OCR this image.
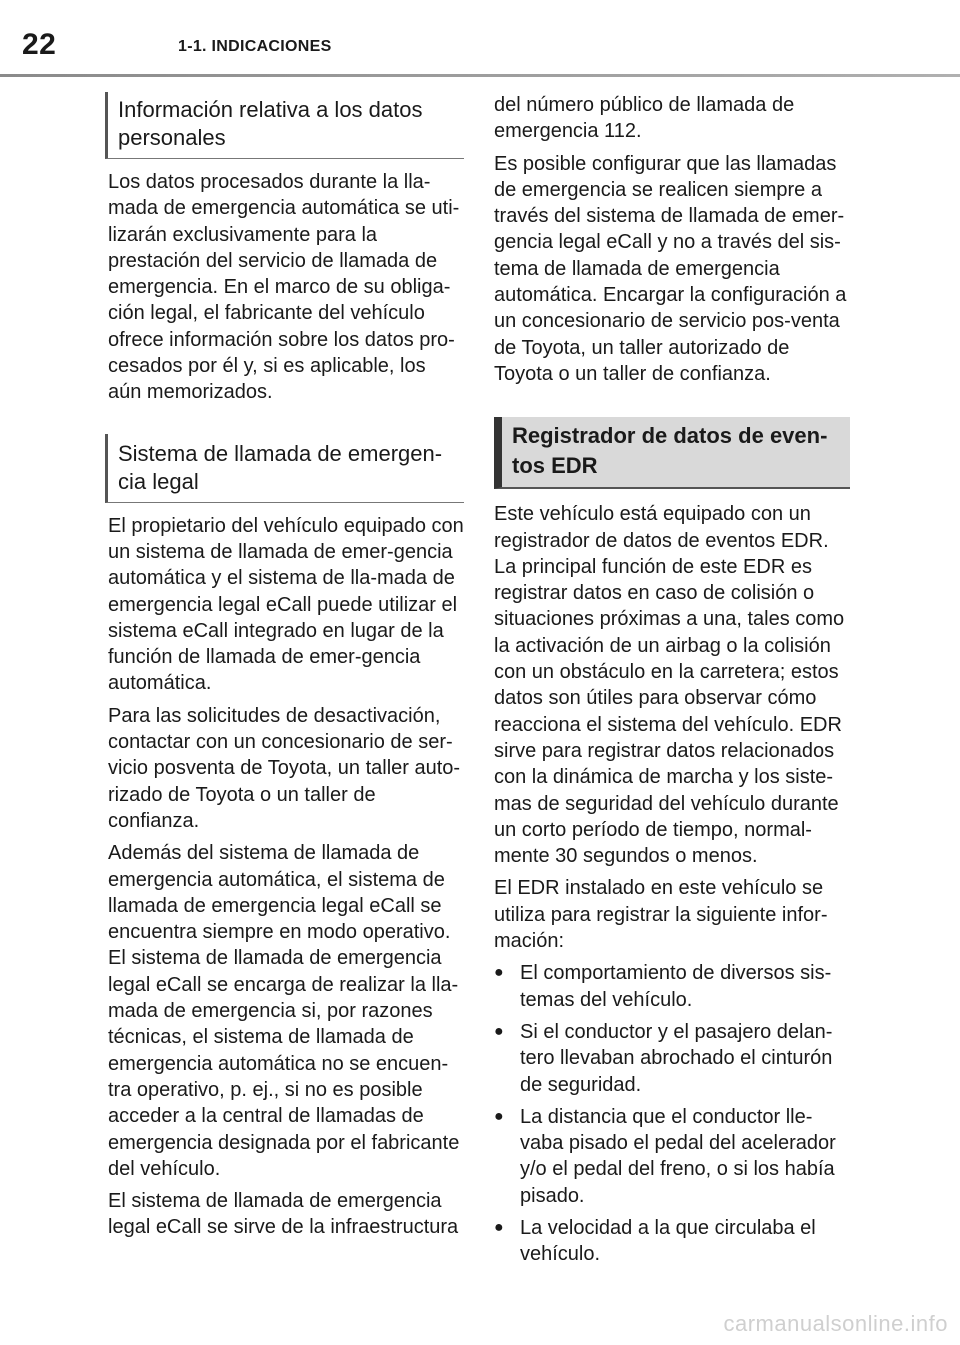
22	1-1. INDICACIONES
Información relativa a los datos personales

Los datos procesados durante la lla-mada de emergencia automática se uti-lizarán exclusivamente para la prestación del servicio de llamada de emergencia. En el marco de su obliga-ción legal, el fabricante del vehículo ofrece información sobre los datos pro-cesados por él y, si es aplicable, los aún memorizados.

Sistema de llamada de emergen-cia legal

El propietario del vehículo equipado con un sistema de llamada de emer-gencia automática y el sistema de lla-mada de emergencia legal eCall puede utilizar el sistema eCall integrado en lugar de la función de llamada de emer-gencia automática.

Para las solicitudes de desactivación, contactar con un concesionario de ser-vicio posventa de Toyota, un taller auto-rizado de Toyota o un taller de confianza.

Además del sistema de llamada de emergencia automática, el sistema de llamada de emergencia legal eCall se encuentra siempre en modo operativo. El sistema de llamada de emergencia legal eCall se encarga de realizar la lla-mada de emergencia si, por razones técnicas, el sistema de llamada de emergencia automática no se encuen-tra operativo, p. ej., si no es posible acceder a la central de llamadas de emergencia designada por el fabricante del vehículo.

El sistema de llamada de emergencia legal eCall se sirve de la infraestructura

del número público de llamada de emergencia 112.

Es posible configurar que las llamadas de emergencia se realicen siempre a través del sistema de llamada de emer-gencia legal eCall y no a través del sis-tema de llamada de emergencia automática. Encargar la configuración a un concesionario de servicio pos-venta de Toyota, un taller autorizado de Toyota o un taller de confianza.

Registrador de datos de even-tos EDR

Este vehículo está equipado con un registrador de datos de eventos EDR. La principal función de este EDR es registrar datos en caso de colisión o situaciones próximas a una, tales como la activación de un airbag o la colisión con un obstáculo en la carretera; estos datos son útiles para observar cómo reacciona el sistema del vehículo. EDR sirve para registrar datos relacionados con la dinámica de marcha y los siste-mas de seguridad del vehículo durante un corto período de tiempo, normal-mente 30 segundos o menos.

El EDR instalado en este vehículo se utiliza para registrar la siguiente infor-mación:

● El comportamiento de diversos sis-temas del vehículo.
● Si el conductor y el pasajero delan-tero llevaban abrochado el cinturón de seguridad.
● La distancia que el conductor lle-vaba pisado el pedal del acelerador y/o el pedal del freno, o si los había pisado.
● La velocidad a la que circulaba el vehículo.
carmanualsonline.info
